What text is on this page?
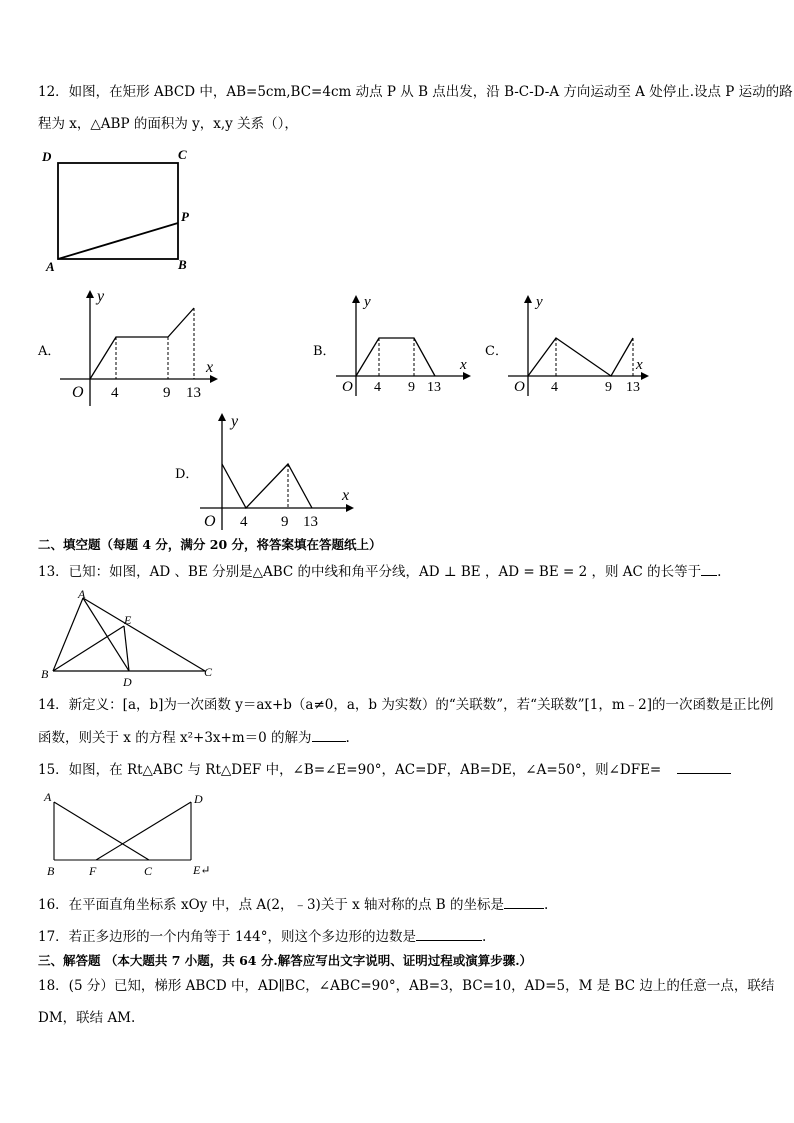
12．如图，在矩形 ABCD 中，AB=5cm,BC=4cm 动点 P 从 B 点出发，沿 B-C-D-A 方向运动至 A 处停止.设点 P 运动的路
程为 x，△ABP 的面积为 y，x,y 关系（），
D	C
P
A	B
A．
y
x
O 4	9 13
B．
y
x
O 4 9 13
C．
y
x
O 4	9 13
D．
y
x
O 4 9 13
二、填空题（每题 4 分，满分 20 分，将答案填在答题纸上）
13．已知：如图，AD 、BE 分别是△ABC 的中线和角平分线，AD ⊥ BE ，AD = BE = 2 ，则 AC 的长等于 .
A
E
B
D
C
14．新定义：[a，b]为一次函数 y＝ax+b（a≠0，a，b 为实数）的“关联数”，若“关联数”[1，m﹣2]的一次函数是正比例
函数，则关于 x 的方程 x²+3x+m＝0 的解为	.
15．如图，在 Rt△ABC 与 Rt△DEF 中，∠B=∠E=90°，AC=DF，AB=DE，∠A=50°，则∠DFE=
A	D
B	F	C	E↵
16．在平面直角坐标系 xOy 中，点 A(2，﹣3)关于 x 轴对称的点 B 的坐标是	.
17．若正多边形的一个内角等于 144°，则这个多边形的边数是	.
三、解答题 （本大题共 7 小题，共 64 分.解答应写出文字说明、证明过程或演算步骤.）
18．(5 分）已知，梯形 ABCD 中，AD∥BC，∠ABC=90°，AB=3，BC=10，AD=5，M 是 BC 边上的任意一点，联结
DM，联结 AM.
